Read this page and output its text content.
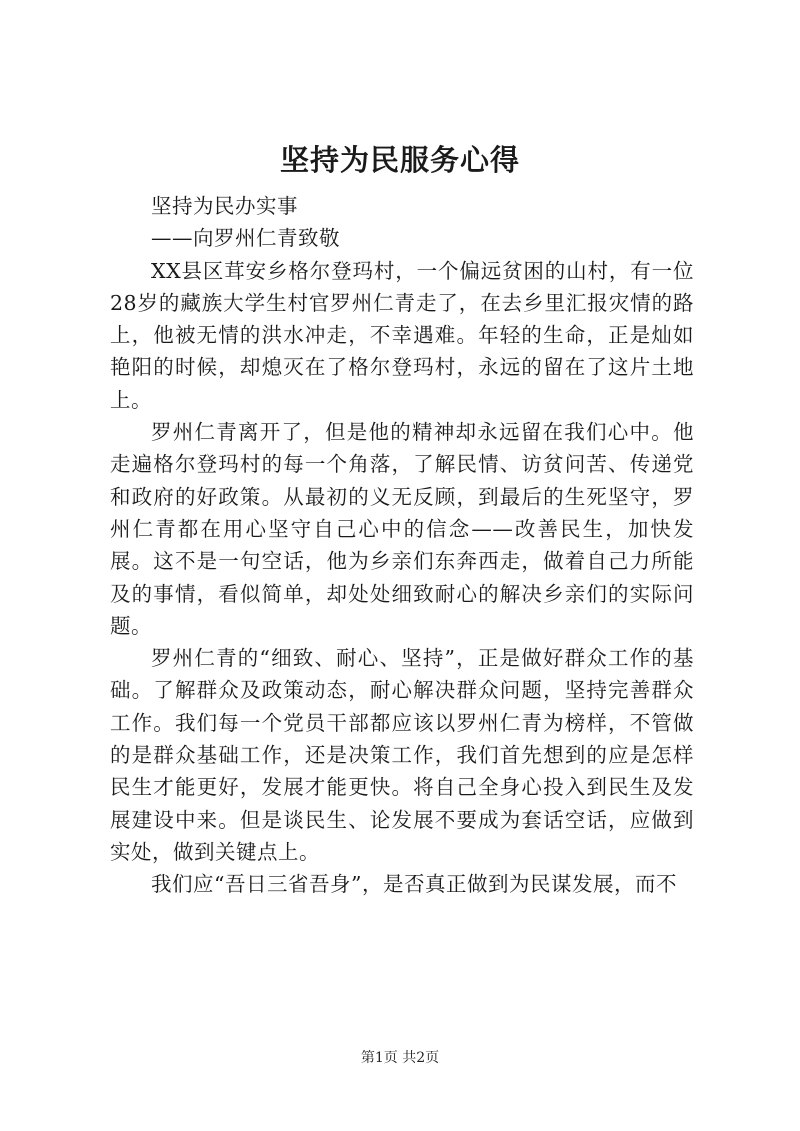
坚持为民服务心得

坚持为民办实事

——向罗州仁青致敬

XX县区茸安乡格尔登玛村，一个偏远贫困的山村，有一位28岁的藏族大学生村官罗州仁青走了，在去乡里汇报灾情的路上，他被无情的洪水冲走，不幸遇难。年轻的生命，正是灿如艳阳的时候，却熄灭在了格尔登玛村，永远的留在了这片土地上。

罗州仁青离开了，但是他的精神却永远留在我们心中。他走遍格尔登玛村的每一个角落，了解民情、访贫问苦、传递党和政府的好政策。从最初的义无反顾，到最后的生死坚守，罗州仁青都在用心坚守自己心中的信念——改善民生，加快发展。这不是一句空话，他为乡亲们东奔西走，做着自己力所能及的事情，看似简单，却处处细致耐心的解决乡亲们的实际问题。

罗州仁青的“细致、耐心、坚持”，正是做好群众工作的基础。了解群众及政策动态，耐心解决群众问题，坚持完善群众工作。我们每一个党员干部都应该以罗州仁青为榜样，不管做的是群众基础工作，还是决策工作，我们首先想到的应是怎样民生才能更好，发展才能更快。将自己全身心投入到民生及发展建设中来。但是谈民生、论发展不要成为套话空话，应做到实处，做到关键点上。

我们应“吾日三省吾身”，是否真正做到为民谋发展，而不

第1页 共2页
